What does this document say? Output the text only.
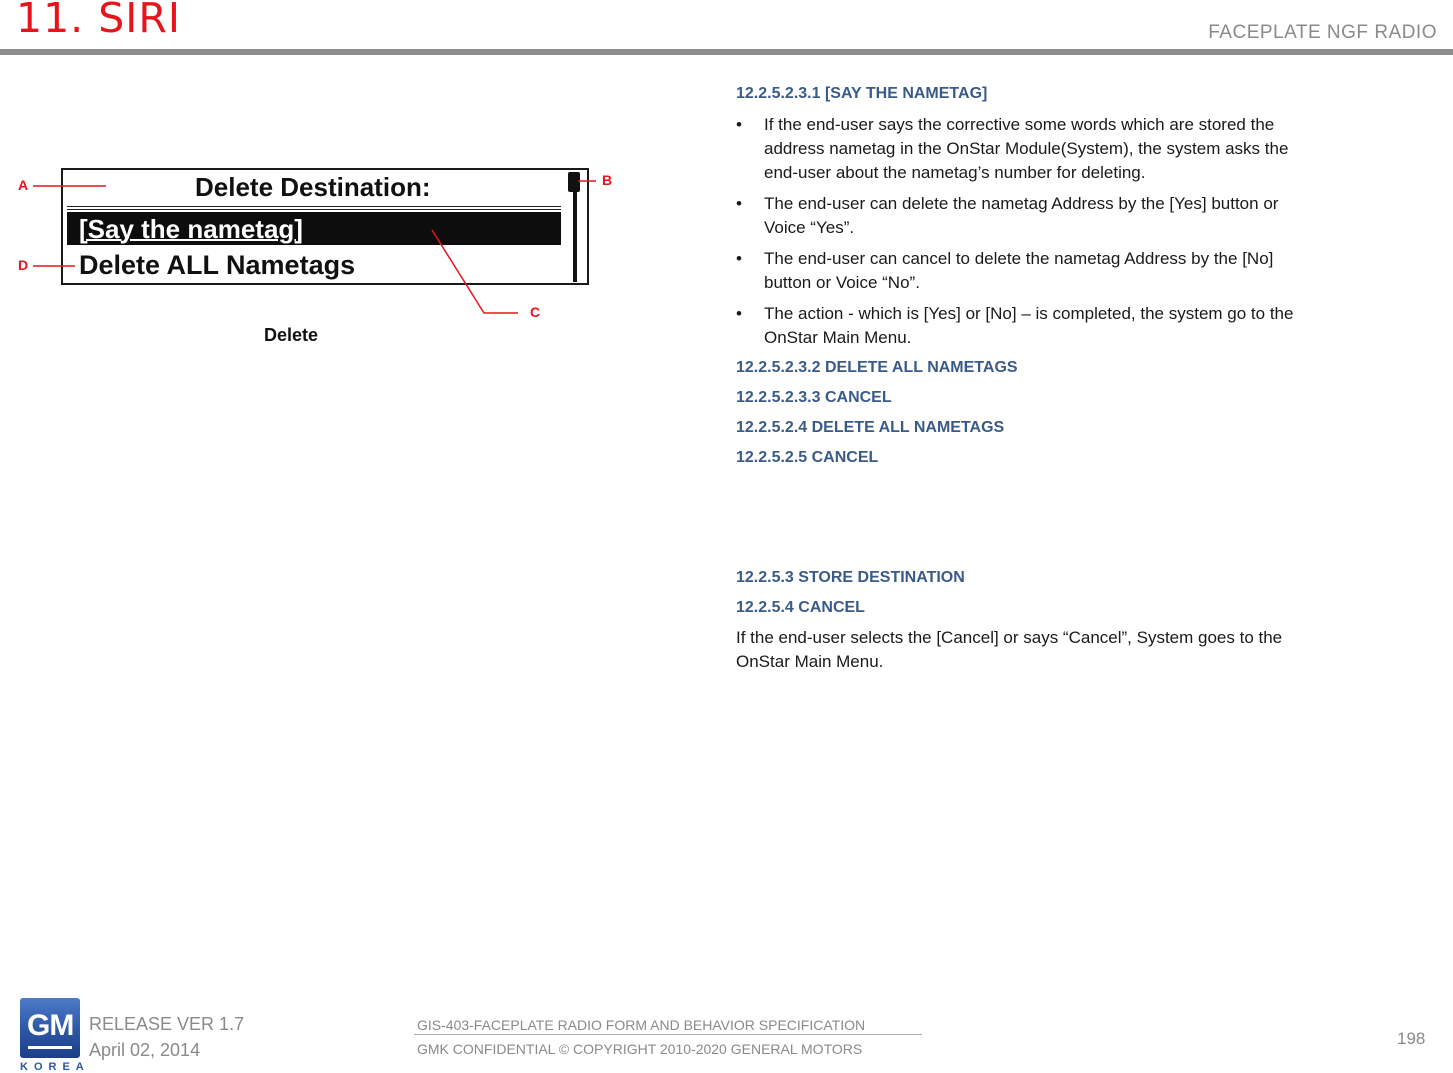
11. SIRI	FACEPLATE NGF RADIO
Delete Destination:
[Say the nametag]
Delete ALL Nametags
A
D
B
C
Delete
12.2.5.2.3.1 [SAY THE NAMETAG]
• If the end-user says the corrective some words which are stored the address nametag in the OnStar Module(System), the system asks the end-user about the nametag’s number for deleting.
• The end-user can delete the nametag Address by the [Yes] button or Voice “Yes”.
• The end-user can cancel to delete the nametag Address by the [No] button or Voice “No”.
• The action - which is [Yes] or [No] – is completed, the system go to the OnStar Main Menu.
12.2.5.2.3.2 DELETE ALL NAMETAGS
12.2.5.2.3.3 CANCEL
12.2.5.2.4 DELETE ALL NAMETAGS
12.2.5.2.5 CANCEL
12.2.5.3 STORE DESTINATION
12.2.5.4 CANCEL
If the end-user selects the [Cancel] or says “Cancel”, System goes to the OnStar Main Menu.
GM
KOREA
RELEASE VER 1.7
April 02, 2014
GIS-403-FACEPLATE RADIO FORM AND BEHAVIOR SPECIFICATION
GMK CONFIDENTIAL © COPYRIGHT 2010-2020 GENERAL MOTORS
198
